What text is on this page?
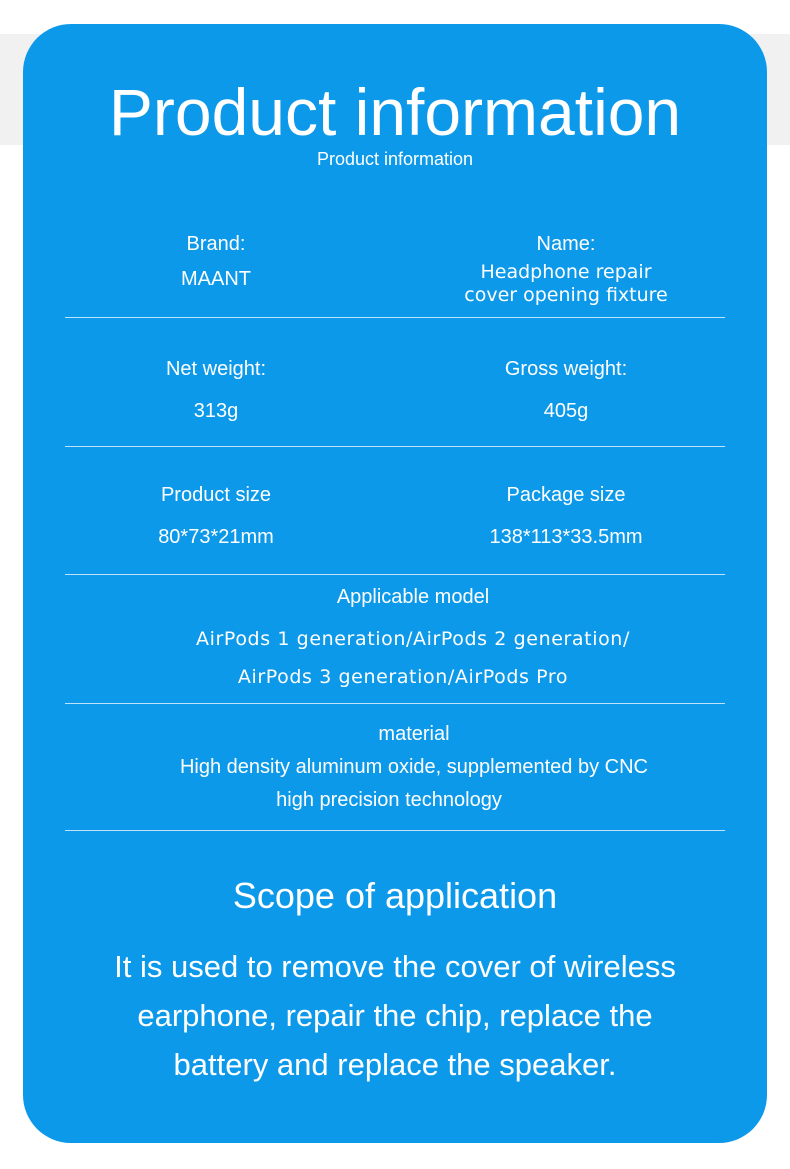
Product information
Product information
Brand:
MAANT
Name:
Headphone repair
cover opening fixture
Net weight:
313g
Gross weight:
405g
Product size
80*73*21mm
Package size
138*113*33.5mm
Applicable model
AirPods 1 generation/AirPods 2 generation/
AirPods 3 generation/AirPods Pro
material
High density aluminum oxide, supplemented by CNC
high precision technology
Scope of application
It is used to remove the cover of wireless
earphone, repair the chip, replace the
battery and replace the speaker.
